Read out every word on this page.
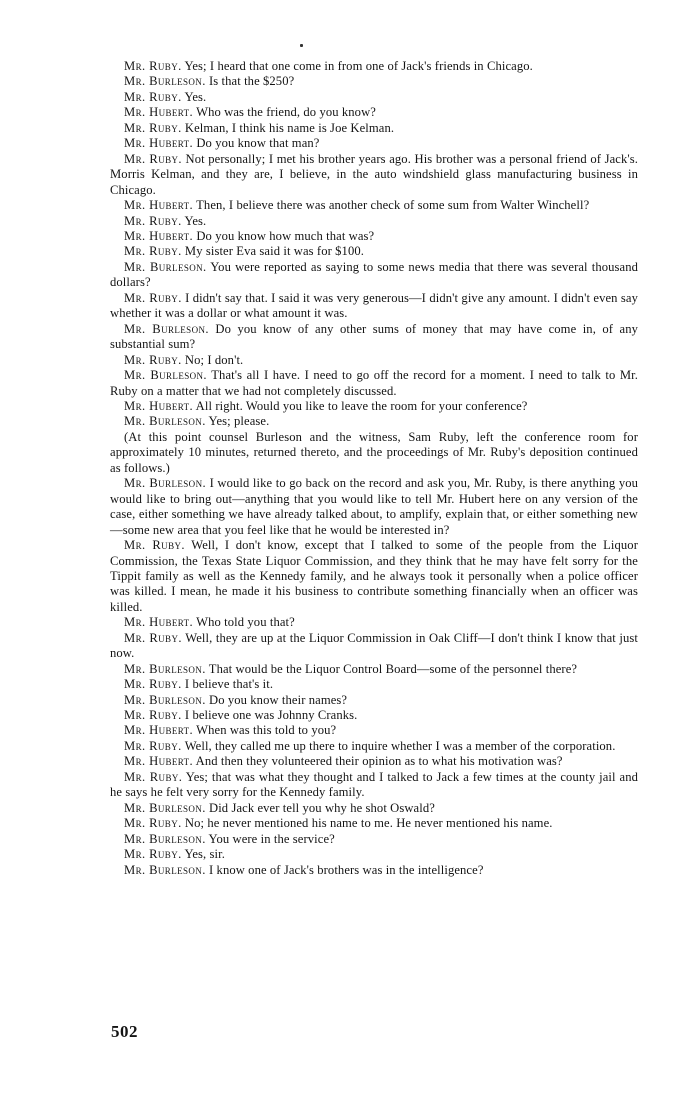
Mr. Ruby. Yes; I heard that one come in from one of Jack's friends in Chicago.

Mr. Burleson. Is that the $250?

Mr. Ruby. Yes.

Mr. Hubert. Who was the friend, do you know?

Mr. Ruby. Kelman, I think his name is Joe Kelman.

Mr. Hubert. Do you know that man?

Mr. Ruby. Not personally; I met his brother years ago. His brother was a personal friend of Jack's. Morris Kelman, and they are, I believe, in the auto windshield glass manufacturing business in Chicago.

Mr. Hubert. Then, I believe there was another check of some sum from Walter Winchell?

Mr. Ruby. Yes.

Mr. Hubert. Do you know how much that was?

Mr. Ruby. My sister Eva said it was for $100.

Mr. Burleson. You were reported as saying to some news media that there was several thousand dollars?

Mr. Ruby. I didn't say that. I said it was very generous—I didn't give any amount. I didn't even say whether it was a dollar or what amount it was.

Mr. Burleson. Do you know of any other sums of money that may have come in, of any substantial sum?

Mr. Ruby. No; I don't.

Mr. Burleson. That's all I have. I need to go off the record for a moment. I need to talk to Mr. Ruby on a matter that we had not completely discussed.

Mr. Hubert. All right. Would you like to leave the room for your conference?

Mr. Burleson. Yes; please.

(At this point counsel Burleson and the witness, Sam Ruby, left the conference room for approximately 10 minutes, returned thereto, and the proceedings of Mr. Ruby's deposition continued as follows.)

Mr. Burleson. I would like to go back on the record and ask you, Mr. Ruby, is there anything you would like to bring out—anything that you would like to tell Mr. Hubert here on any version of the case, either something we have already talked about, to amplify, explain that, or either something new—some new area that you feel like that he would be interested in?

Mr. Ruby. Well, I don't know, except that I talked to some of the people from the Liquor Commission, the Texas State Liquor Commission, and they think that he may have felt sorry for the Tippit family as well as the Kennedy family, and he always took it personally when a police officer was killed. I mean, he made it his business to contribute something financially when an officer was killed.

Mr. Hubert. Who told you that?

Mr. Ruby. Well, they are up at the Liquor Commission in Oak Cliff—I don't think I know that just now.

Mr. Burleson. That would be the Liquor Control Board—some of the personnel there?

Mr. Ruby. I believe that's it.

Mr. Burleson. Do you know their names?

Mr. Ruby. I believe one was Johnny Cranks.

Mr. Hubert. When was this told to you?

Mr. Ruby. Well, they called me up there to inquire whether I was a member of the corporation.

Mr. Hubert. And then they volunteered their opinion as to what his motivation was?

Mr. Ruby. Yes; that was what they thought and I talked to Jack a few times at the county jail and he says he felt very sorry for the Kennedy family.

Mr. Burleson. Did Jack ever tell you why he shot Oswald?

Mr. Ruby. No; he never mentioned his name to me. He never mentioned his name.

Mr. Burleson. You were in the service?

Mr. Ruby. Yes, sir.

Mr. Burleson. I know one of Jack's brothers was in the intelligence?

502
